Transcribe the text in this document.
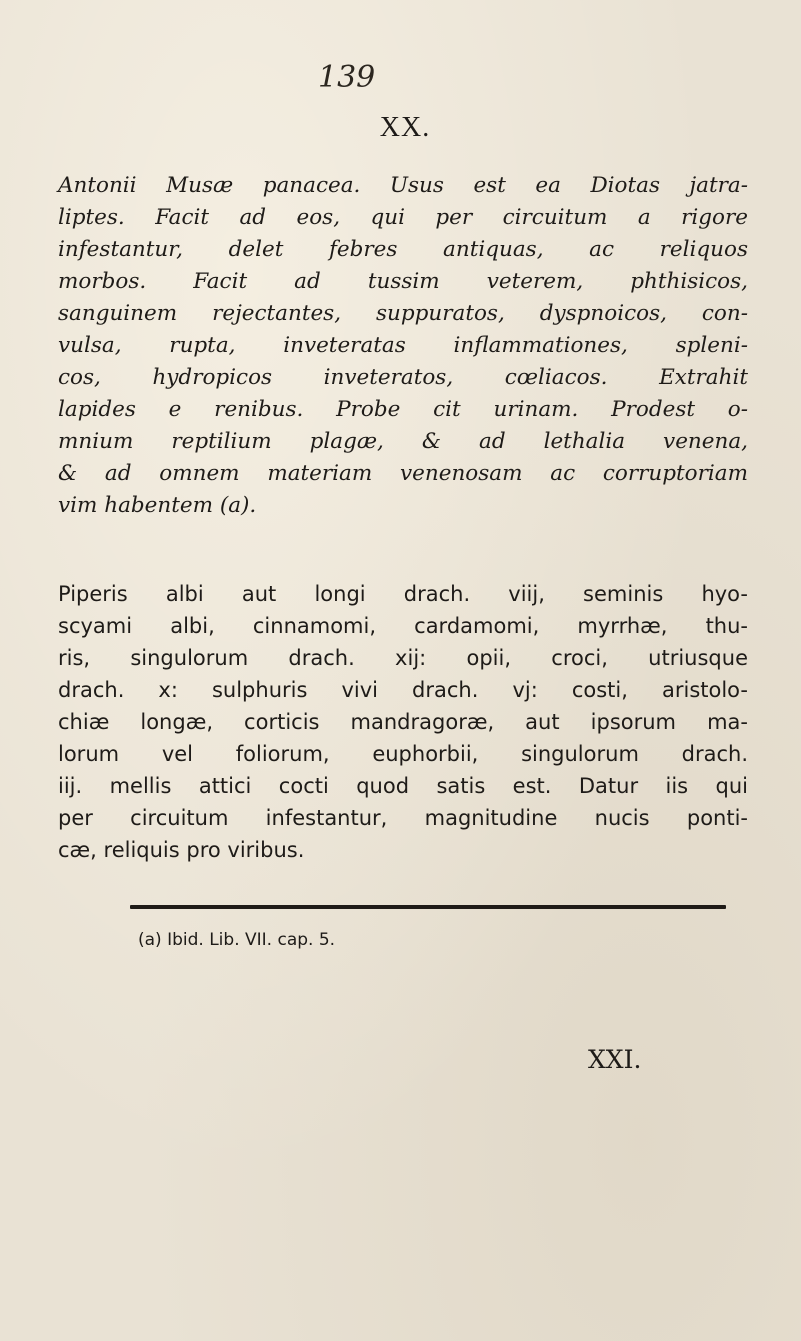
139
XX.
Antonii Musæ panacea. Usus est ea Diotas jatra-
liptes. Facit ad eos, qui per circuitum a rigore
infestantur, delet febres antiquas, ac reliquos
morbos. Facit ad tussim veterem, phthisicos,
sanguinem rejectantes, suppuratos, dyspnoicos, con-
vulsa, rupta, inveteratas inflammationes, spleni-
cos, hydropicos inveteratos, cœliacos. Extrahit
lapides e renibus. Probe cit urinam. Prodest o-
mnium reptilium plagæ, & ad lethalia venena,
& ad omnem materiam venenosam ac corruptoriam
vim habentem (a).
Piperis albi aut longi drach. viij, seminis hyo-
scyami albi, cinnamomi, cardamomi, myrrhæ, thu-
ris, singulorum drach. xij: opii, croci, utriusque
drach. x: sulphuris vivi drach. vj: costi, aristolo-
chiæ longæ, corticis mandragoræ, aut ipsorum ma-
lorum vel foliorum, euphorbii, singulorum drach.
iij. mellis attici cocti quod satis est. Datur iis qui
per circuitum infestantur, magnitudine nucis ponti-
cæ, reliquis pro viribus.
(a) Ibid. Lib. VII. cap. 5.
XXI.
